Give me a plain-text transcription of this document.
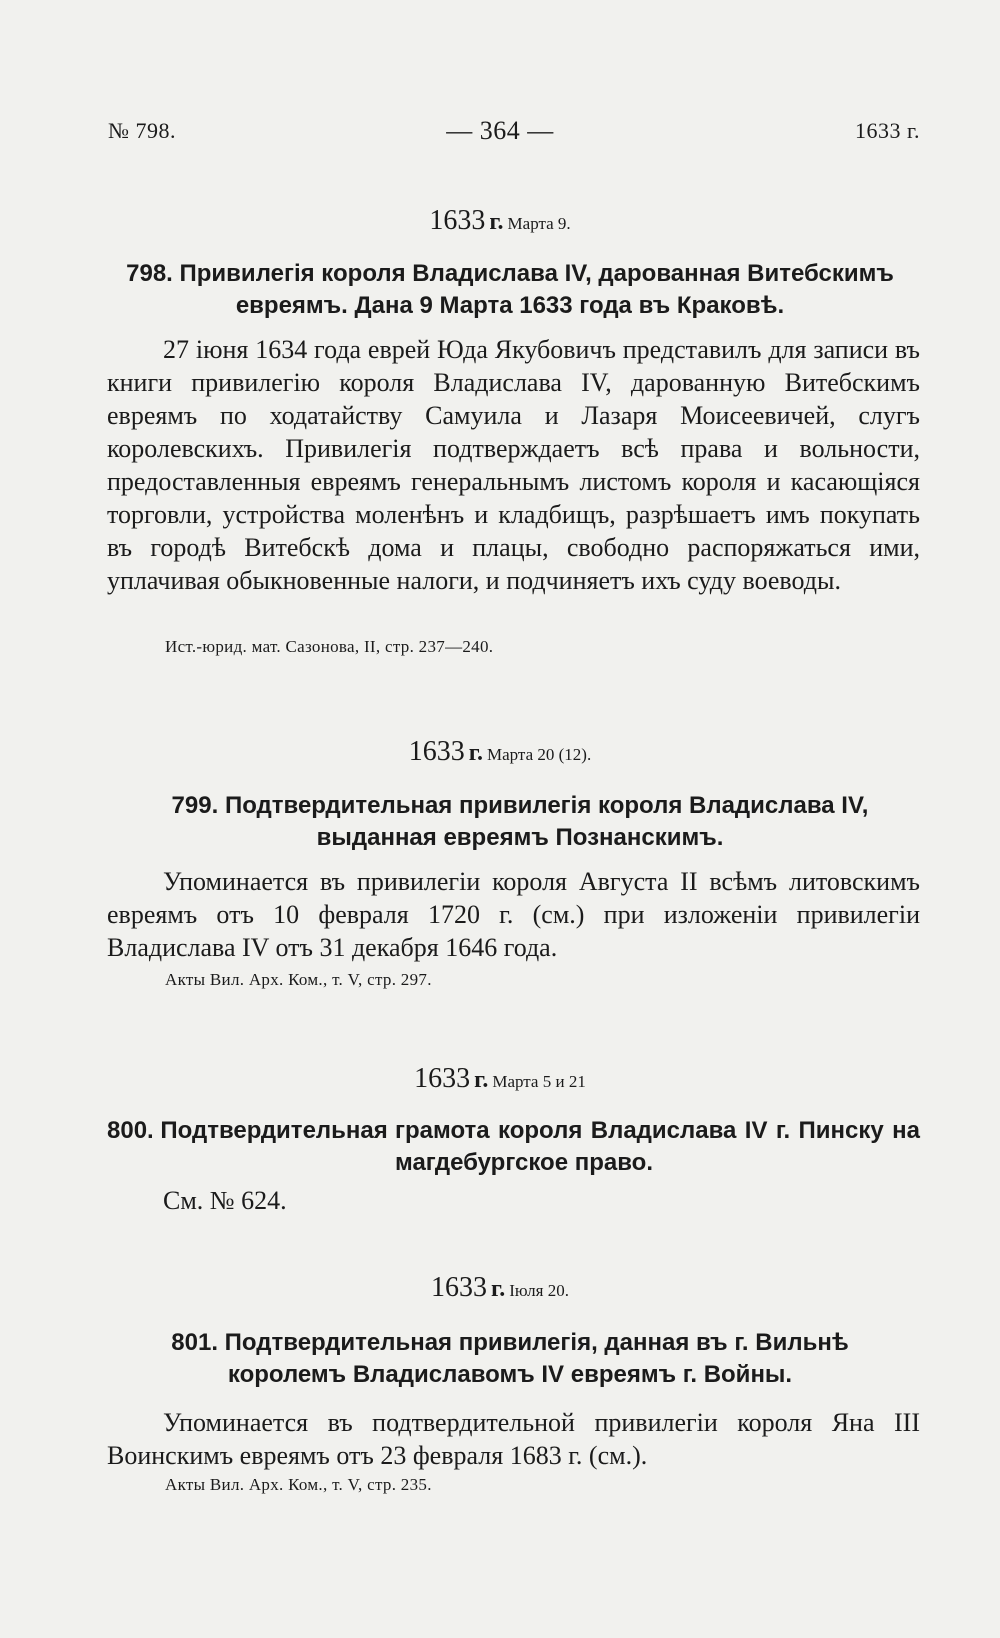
№ 798.	— 364 —	1633 г.
1633 г. Марта 9.
798. Привилегія короля Владислава IV, дарованная Витебскимъ евреямъ. Дана 9 Марта 1633 года въ Краковѣ.

27 іюня 1634 года еврей Юда Якубовичъ представилъ для записи въ книги привилегію короля Владислава IV, дарованную Витебскимъ евреямъ по ходатайству Самуила и Лазаря Моисеевичей, слугъ королевскихъ. Привилегія подтверждаетъ всѣ права и вольности, предоставленныя евреямъ генеральнымъ листомъ короля и касающіяся торговли, устройства моленѣнъ и кладбищъ, разрѣшаетъ имъ покупать въ городѣ Витебскѣ дома и плацы, свободно распоряжаться ими, уплачивая обыкновенные налоги, и подчиняетъ ихъ суду воеводы.

Ист.-юрид. мат. Сазонова, II, стр. 237—240.
1633 г. Марта 20 (12).
799. Подтвердительная привилегія короля Владислава IV, выданная евреямъ Познанскимъ.

Упоминается въ привилегіи короля Августа II всѣмъ литовскимъ евреямъ отъ 10 февраля 1720 г. (см.) при изложеніи привилегіи Владислава IV отъ 31 декабря 1646 года.

Акты Вил. Арх. Ком., т. V, стр. 297.
1633 г. Марта 5 и 21
800. Подтвердительная грамота короля Владислава IV г. Пинску на магдебургское право.
См. № 624.
1633 г. Іюля 20.
801. Подтвердительная привилегія, данная въ г. Вильнѣ королемъ Владиславомъ IV евреямъ г. Войны.

Упоминается въ подтвердительной привилегіи короля Яна III Воинскимъ евреямъ отъ 23 февраля 1683 г. (см.).

Акты Вил. Арх. Ком., т. V, стр. 235.
